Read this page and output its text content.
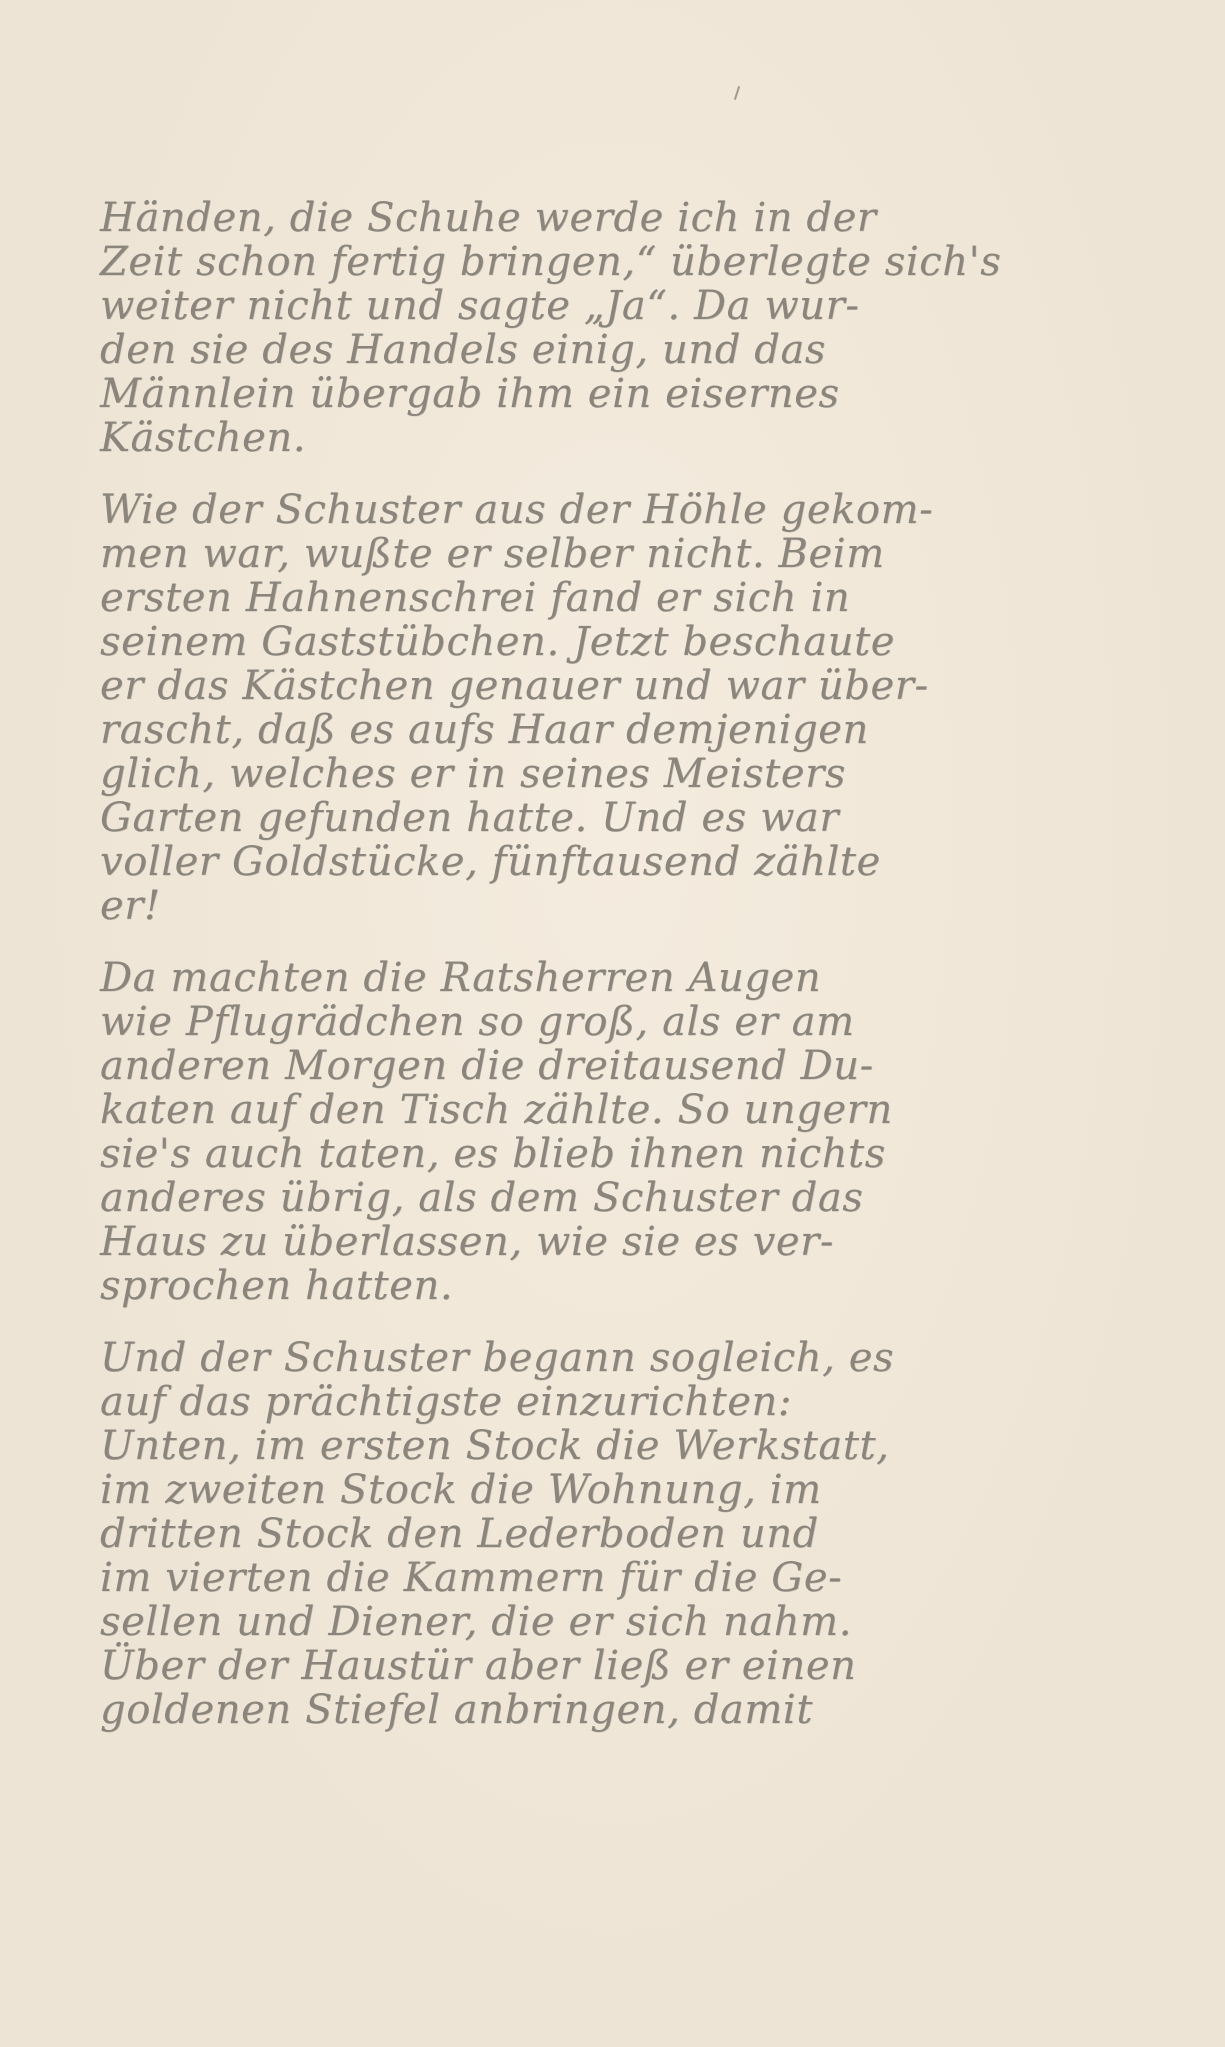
Händen, die Schuhe werde ich in der
Zeit schon fertig bringen,“ überlegte sich's
weiter nicht und sagte „Ja“. Da wur-
den sie des Handels einig, und das
Männlein übergab ihm ein eisernes
Kästchen.
Wie der Schuster aus der Höhle gekom-
men war, wußte er selber nicht. Beim
ersten Hahnenschrei fand er sich in
seinem Gaststübchen. Jetzt beschaute
er das Kästchen genauer und war über-
rascht, daß es aufs Haar demjenigen
glich, welches er in seines Meisters
Garten gefunden hatte. Und es war
voller Goldstücke, fünftausend zählte
er!
Da machten die Ratsherren Augen
wie Pflugrädchen so groß, als er am
anderen Morgen die dreitausend Du-
katen auf den Tisch zählte. So ungern
sie's auch taten, es blieb ihnen nichts
anderes übrig, als dem Schuster das
Haus zu überlassen, wie sie es ver-
sprochen hatten.
Und der Schuster begann sogleich, es
auf das prächtigste einzurichten:
Unten, im ersten Stock die Werkstatt,
im zweiten Stock die Wohnung, im
dritten Stock den Lederboden und
im vierten die Kammern für die Ge-
sellen und Diener, die er sich nahm.
Über der Haustür aber ließ er einen
goldenen Stiefel anbringen, damit
